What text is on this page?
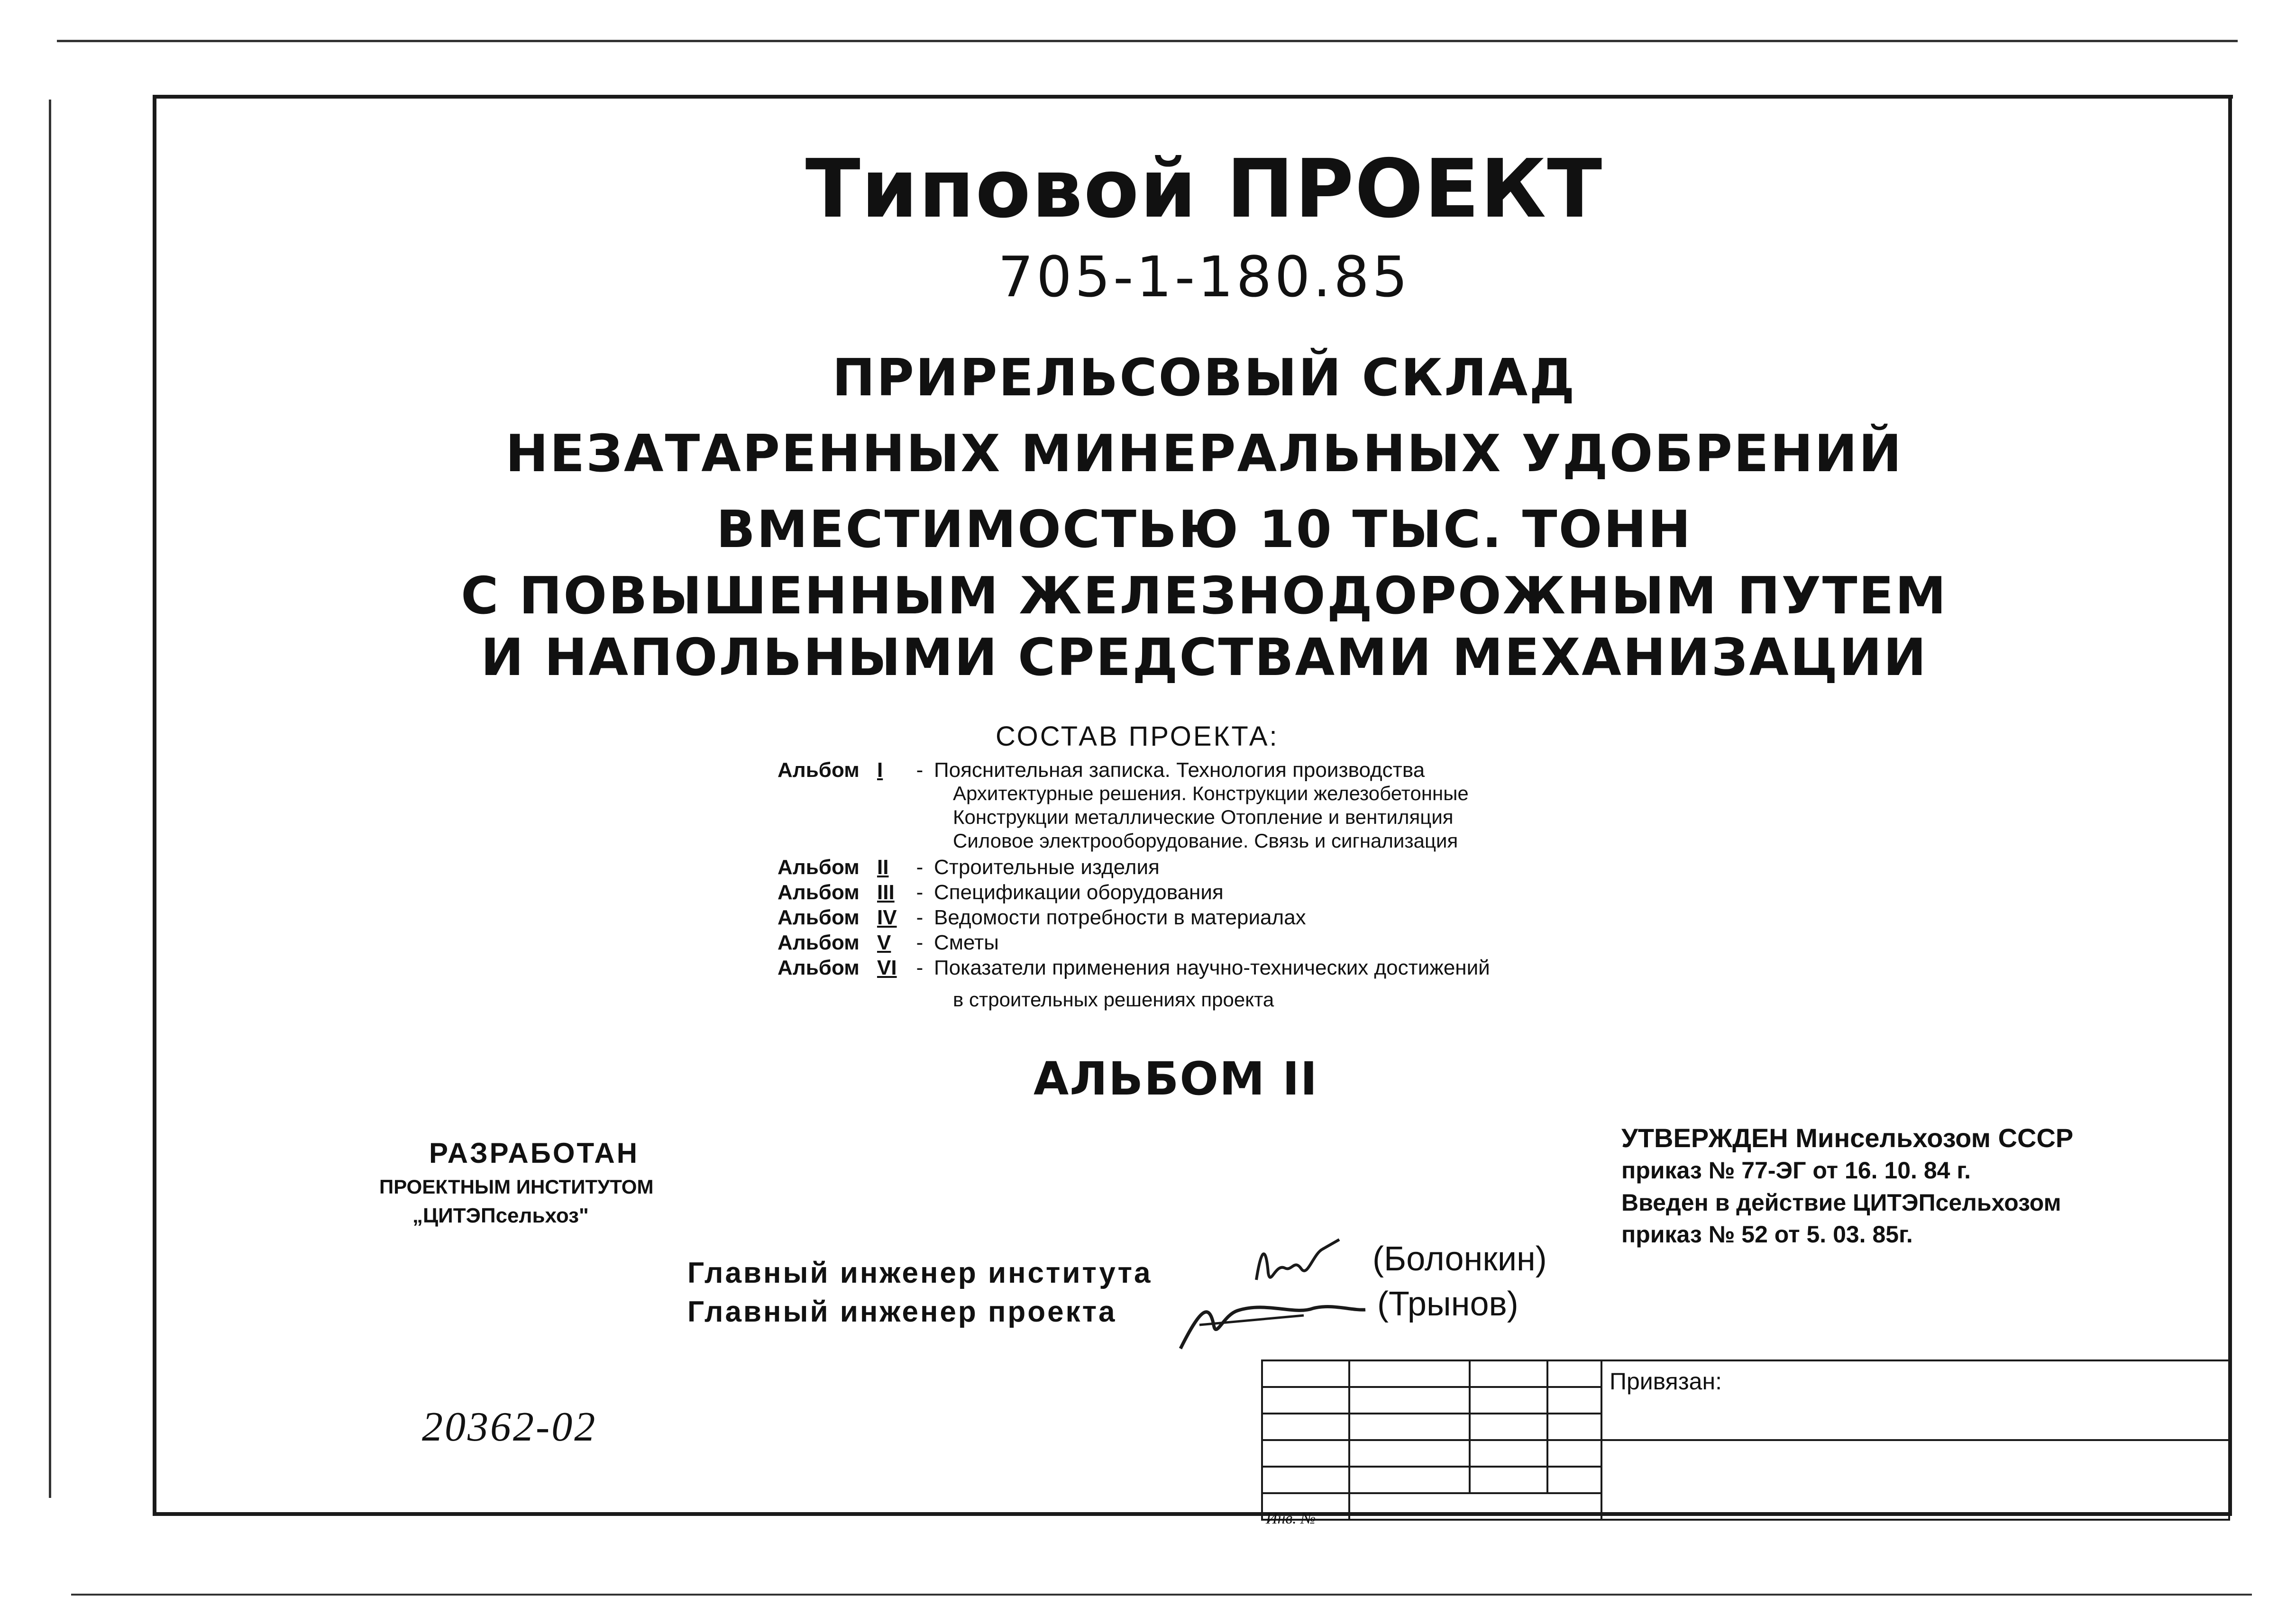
Типовой ПРОЕКТ
705-1-180.85
ПРИРЕЛЬСОВЫЙ СКЛАД
НЕЗАТАРЕННЫХ МИНЕРАЛЬНЫХ УДОБРЕНИЙ
ВМЕСТИМОСТЬЮ 10 ТЫС. ТОНН
С ПОВЫШЕННЫМ ЖЕЛЕЗНОДОРОЖНЫМ ПУТЕМ
И НАПОЛЬНЫМИ СРЕДСТВАМИ МЕХАНИЗАЦИИ
СОСТАВ ПРОЕКТА:
Альбом I - Пояснительная записка. Технология производства
Архитектурные решения. Конструкции железобетонные
Конструкции металлические Отопление и вентиляция
Силовое электрооборудование. Связь и сигнализация
Альбом II - Строительные изделия
Альбом III - Спецификации оборудования
Альбом IV - Ведомости потребности в материалах
Альбом V - Сметы
Альбом VI - Показатели применения научно-технических достижений
в строительных решениях проекта
АЛЬБОМ II
РАЗРАБОТАН
ПРОЕКТНЫМ ИНСТИТУТОМ
„ЦИТЭПсельхоз"
УТВЕРЖДЕН Минсельхозом СССР
приказ № 77-ЭГ от 16. 10. 84 г.
Введен в действие ЦИТЭПсельхозом
приказ № 52 от 5. 03. 85г.
Главный инженер института	(Болонкин)
Главный инженер проекта	(Трынов)
20362-02

Привязан:
Инв. №
